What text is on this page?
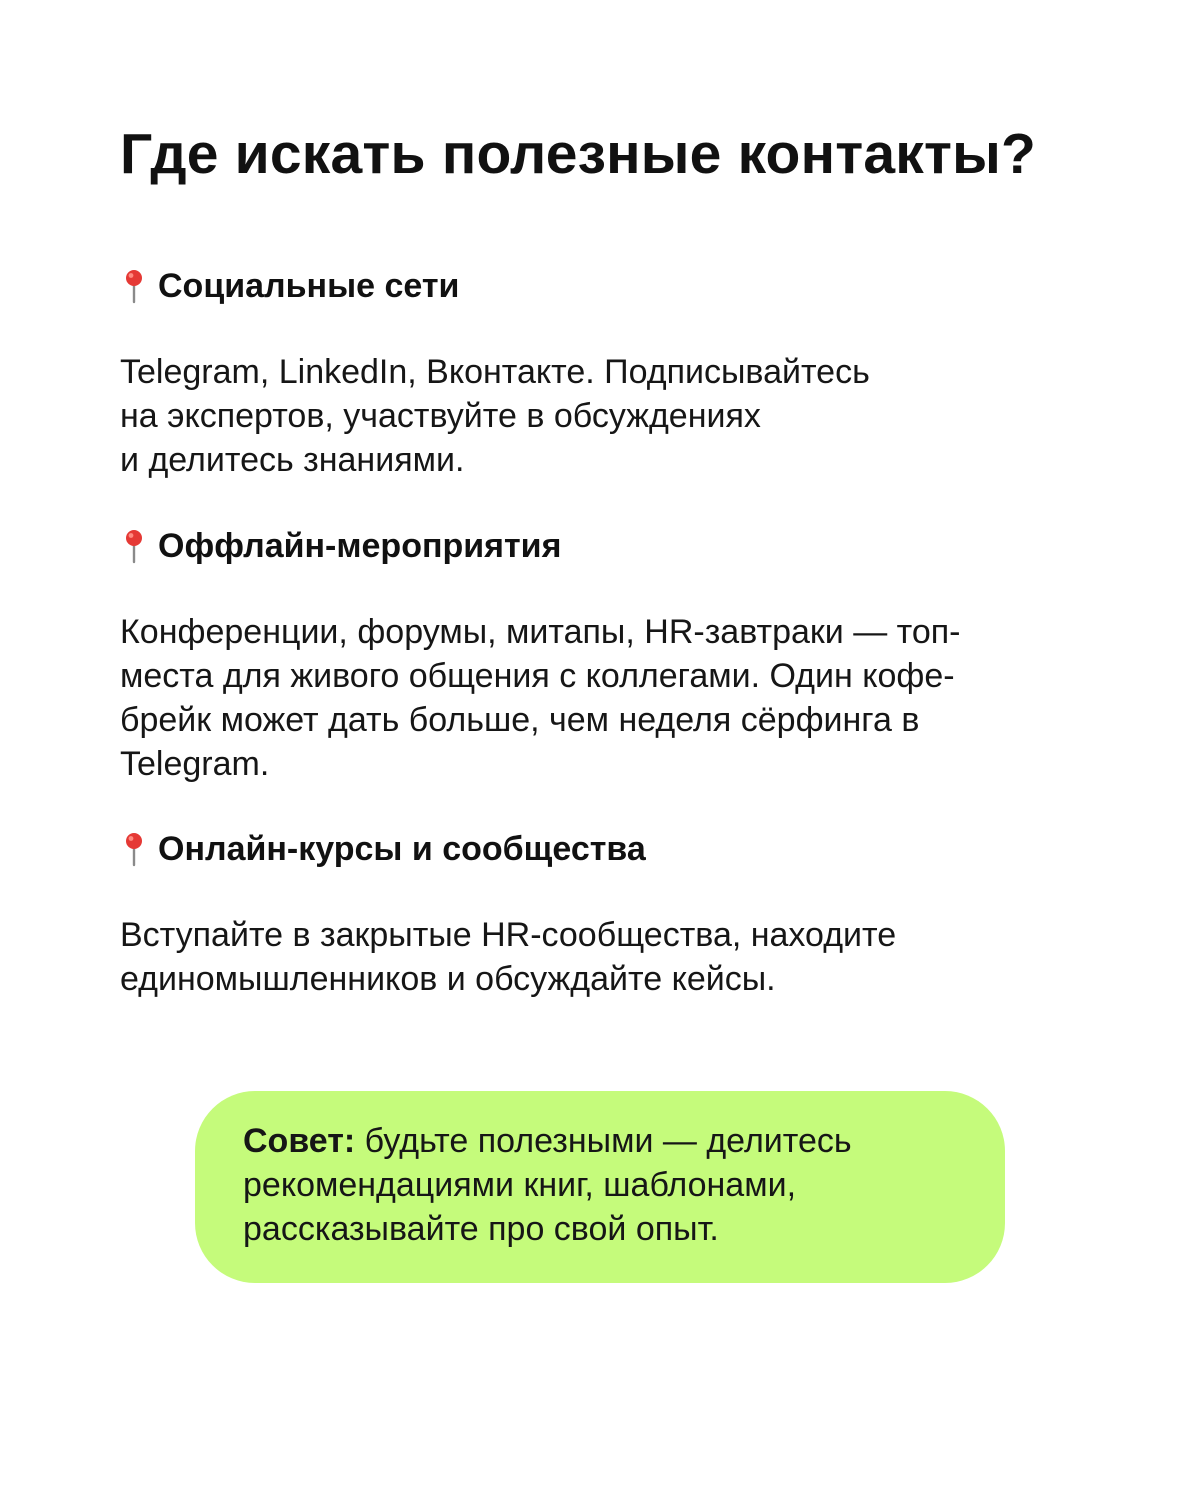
Где искать полезные контакты?
Социальные сети

Telegram, LinkedIn, Вконтакте. Подписывайтесь
на экспертов, участвуйте в обсуждениях
и делитесь знаниями.

Оффлайн-мероприятия

Конференции, форумы, митапы, HR-завтраки — топ-
места для живого общения с коллегами. Один кофе-
брейк может дать больше, чем неделя сёрфинга в
Telegram.

Онлайн-курсы и сообщества

Вступайте в закрытые HR-сообщества, находите
единомышленников и обсуждайте кейсы.

Совет: будьте полезными — делитесь
рекомендациями книг, шаблонами,
рассказывайте про свой опыт.
